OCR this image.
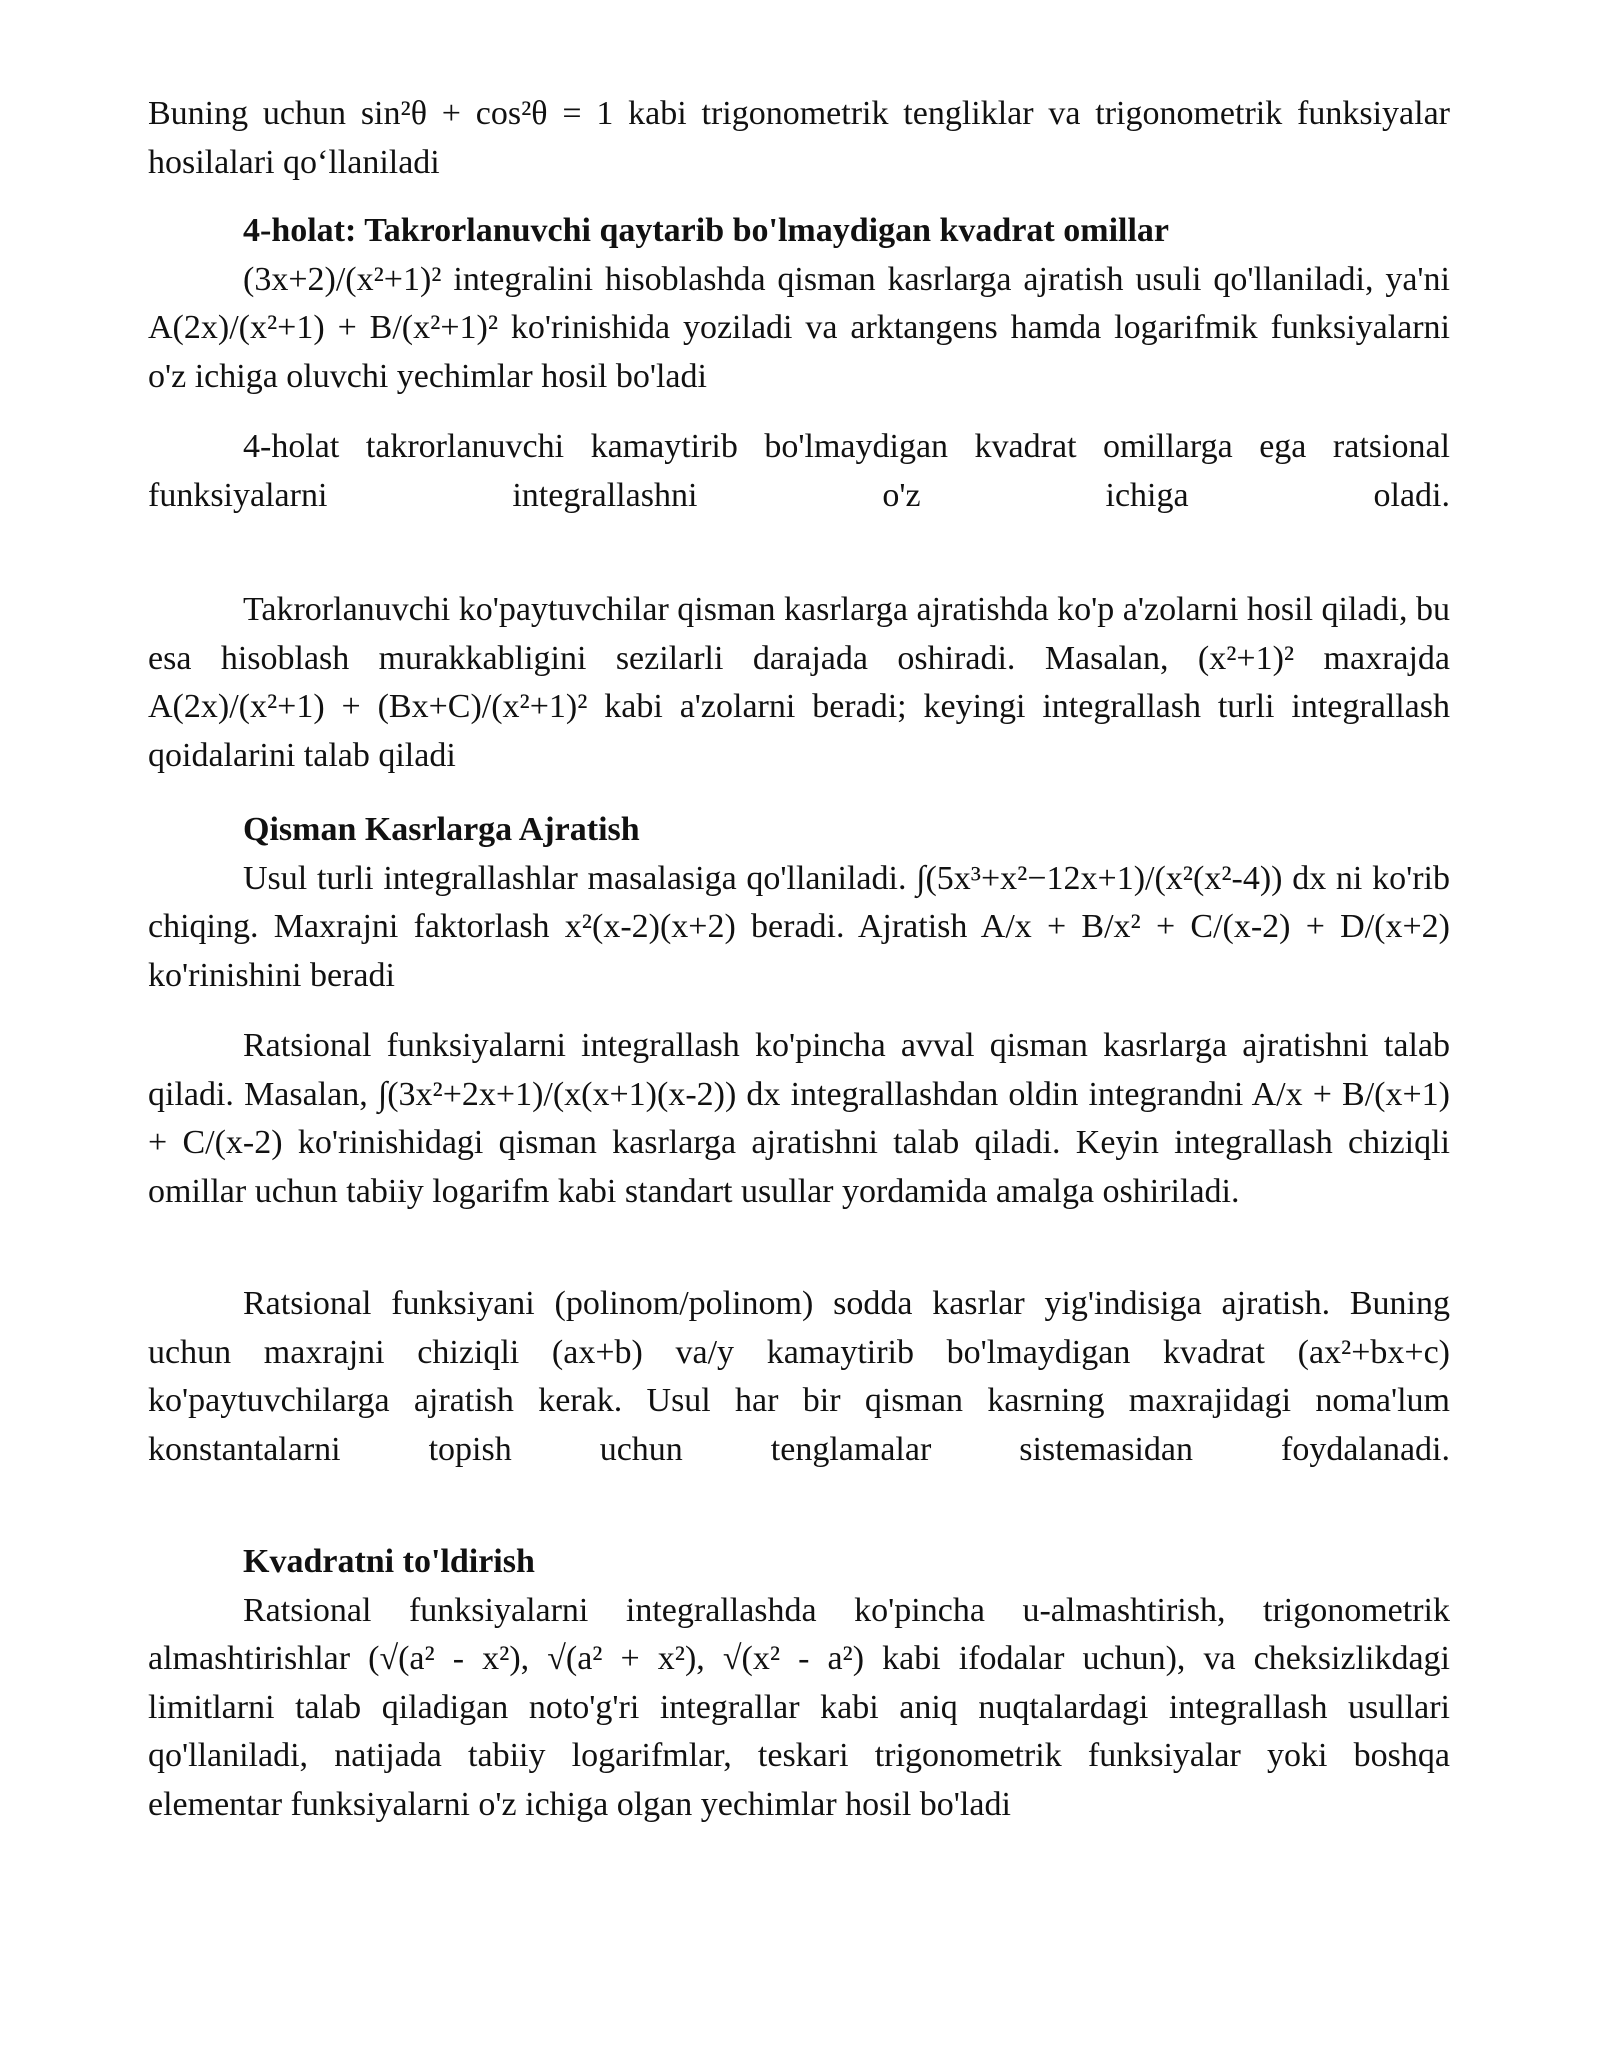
Buning uchun sin²θ + cos²θ = 1 kabi trigonometrik tengliklar va trigonometrik funksiyalar hosilalari qo‘llaniladi

4-holat: Takrorlanuvchi qaytarib bo'lmaydigan kvadrat omillar

(3x+2)/(x²+1)² integralini hisoblashda qisman kasrlarga ajratish usuli qo'llaniladi, ya'ni A(2x)/(x²+1) + B/(x²+1)² ko'rinishida yoziladi va arktangens hamda logarifmik funksiyalarni o'z ichiga oluvchi yechimlar hosil bo'ladi

4-holat takrorlanuvchi kamaytirib bo'lmaydigan kvadrat omillarga ega ratsional funksiyalarni integrallashni o'z ichiga oladi.

Takrorlanuvchi ko'paytuvchilar qisman kasrlarga ajratishda ko'p a'zolarni hosil qiladi, bu esa hisoblash murakkabligini sezilarli darajada oshiradi. Masalan, (x²+1)² maxrajda A(2x)/(x²+1) + (Bx+C)/(x²+1)² kabi a'zolarni beradi; keyingi integrallash turli integrallash qoidalarini talab qiladi

Qisman Kasrlarga Ajratish

Usul turli integrallashlar masalasiga qo'llaniladi. ∫(5x³+x²−12x+1)/(x²(x²-4)) dx ni ko'rib chiqing. Maxrajni faktorlash x²(x-2)(x+2) beradi. Ajratish A/x + B/x² + C/(x-2) + D/(x+2) ko'rinishini beradi

Ratsional funksiyalarni integrallash ko'pincha avval qisman kasrlarga ajratishni talab qiladi. Masalan, ∫(3x²+2x+1)/(x(x+1)(x-2)) dx integrallashdan oldin integrandni A/x + B/(x+1) + C/(x-2) ko'rinishidagi qisman kasrlarga ajratishni talab qiladi. Keyin integrallash chiziqli omillar uchun tabiiy logarifm kabi standart usullar yordamida amalga oshiriladi.

Ratsional funksiyani (polinom/polinom) sodda kasrlar yig'indisiga ajratish. Buning uchun maxrajni chiziqli (ax+b) va/y kamaytirib bo'lmaydigan kvadrat (ax²+bx+c) ko'paytuvchilarga ajratish kerak. Usul har bir qisman kasrning maxrajidagi noma'lum konstantalarni topish uchun tenglamalar sistemasidan foydalanadi.

Kvadratni to'ldirish

Ratsional funksiyalarni integrallashda ko'pincha u-almashtirish, trigonometrik almashtirishlar (√(a² - x²), √(a² + x²), √(x² - a²) kabi ifodalar uchun), va cheksizlikdagi limitlarni talab qiladigan noto'g'ri integrallar kabi aniq nuqtalardagi integrallash usullari qo'llaniladi, natijada tabiiy logarifmlar, teskari trigonometrik funksiyalar yoki boshqa elementar funksiyalarni o'z ichiga olgan yechimlar hosil bo'ladi
